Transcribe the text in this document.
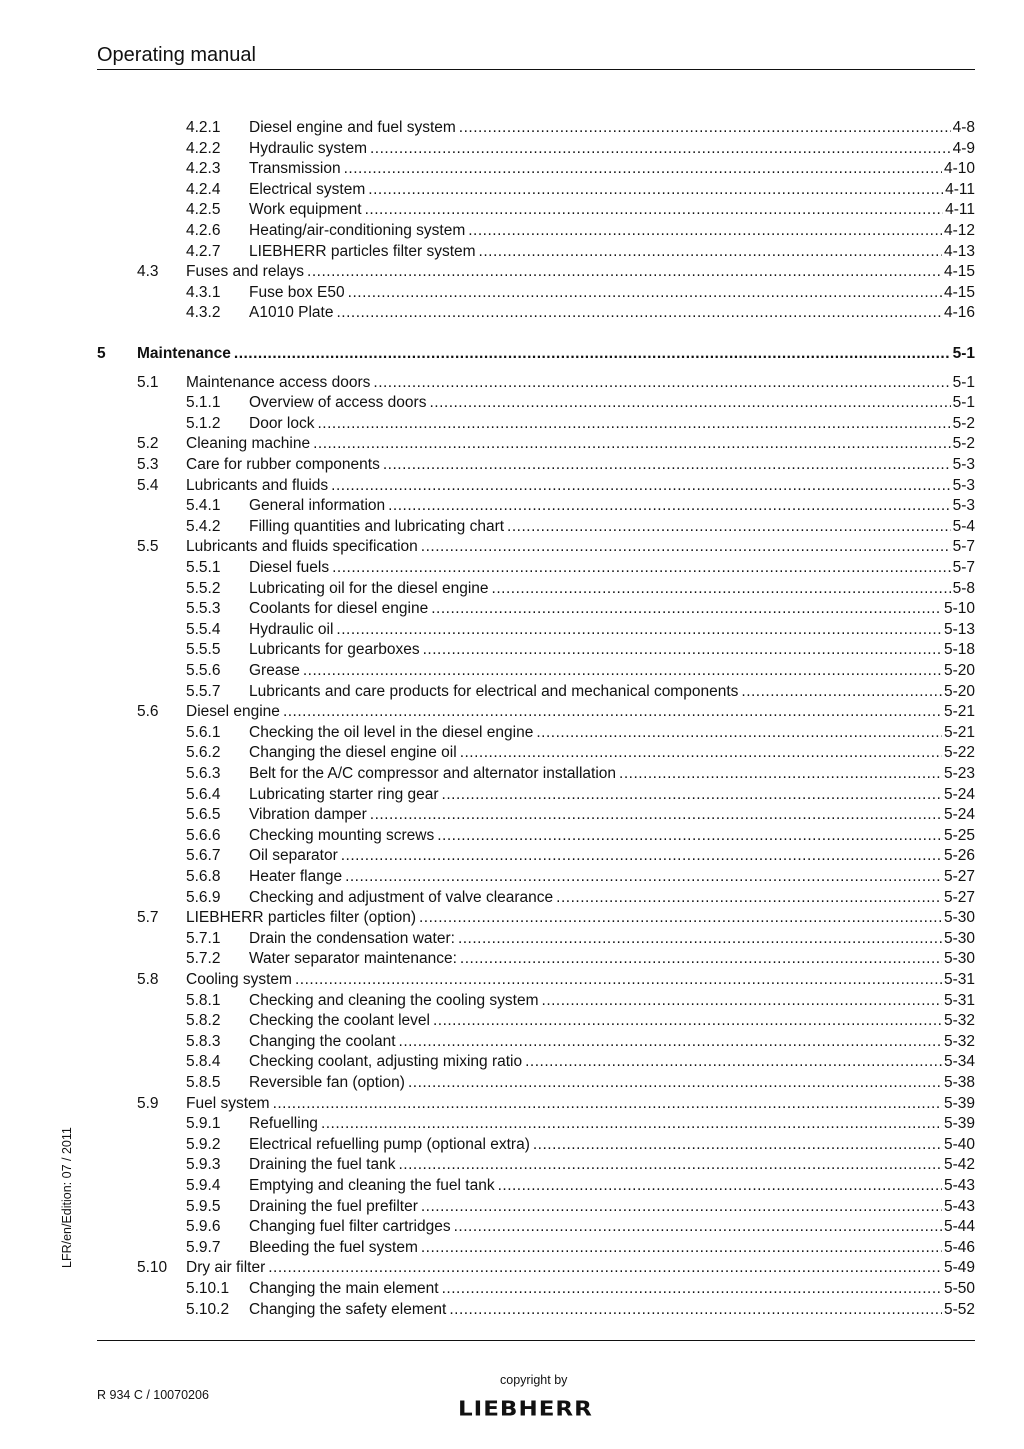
Operating manual
4.2.1 Diesel engine and fuel system .....	4-8
4.2.2 Hydraulic system .....	4-9
4.2.3 Transmission .....	4-10
4.2.4 Electrical system .....	4-11
4.2.5 Work equipment .....	4-11
4.2.6 Heating/air-conditioning system .....	4-12
4.2.7 LIEBHERR particles filter system .....	4-13
4.3 Fuses and relays .....	4-15
4.3.1 Fuse box E50 .....	4-15
4.3.2 A1010 Plate .....	4-16
5 Maintenance .....	5-1
5.1 Maintenance access doors .....	5-1
5.1.1 Overview of access doors .....	5-1
5.1.2 Door lock .....	5-2
5.2 Cleaning machine .....	5-2
5.3 Care for rubber components .....	5-3
5.4 Lubricants and fluids .....	5-3
5.4.1 General information .....	5-3
5.4.2 Filling quantities and lubricating chart .....	5-4
5.5 Lubricants and fluids specification .....	5-7
5.5.1 Diesel fuels .....	5-7
5.5.2 Lubricating oil for the diesel engine .....	5-8
5.5.3 Coolants for diesel engine .....	5-10
5.5.4 Hydraulic oil .....	5-13
5.5.5 Lubricants for gearboxes .....	5-18
5.5.6 Grease .....	5-20
5.5.7 Lubricants and care products for electrical and mechanical components .....	5-20
5.6 Diesel engine .....	5-21
5.6.1 Checking the oil level in the diesel engine .....	5-21
5.6.2 Changing the diesel engine oil .....	5-22
5.6.3 Belt for the A/C compressor and alternator installation .....	5-23
5.6.4 Lubricating starter ring gear .....	5-24
5.6.5 Vibration damper .....	5-24
5.6.6 Checking mounting screws .....	5-25
5.6.7 Oil separator .....	5-26
5.6.8 Heater flange .....	5-27
5.6.9 Checking and adjustment of valve clearance .....	5-27
5.7 LIEBHERR particles filter (option) .....	5-30
5.7.1 Drain the condensation water: .....	5-30
5.7.2 Water separator maintenance: .....	5-30
5.8 Cooling system .....	5-31
5.8.1 Checking and cleaning the cooling system .....	5-31
5.8.2 Checking the coolant level .....	5-32
5.8.3 Changing the coolant .....	5-32
5.8.4 Checking coolant, adjusting mixing ratio .....	5-34
5.8.5 Reversible fan (option) .....	5-38
5.9 Fuel system .....	5-39
5.9.1 Refuelling .....	5-39
5.9.2 Electrical refuelling pump (optional extra) .....	5-40
5.9.3 Draining the fuel tank .....	5-42
5.9.4 Emptying and cleaning the fuel tank .....	5-43
5.9.5 Draining the fuel prefilter .....	5-43
5.9.6 Changing fuel filter cartridges .....	5-44
5.9.7 Bleeding the fuel system .....	5-46
5.10 Dry air filter .....	5-49
5.10.1 Changing the main element .....	5-50
5.10.2 Changing the safety element .....	5-52
LFR/en/Edition: 07 / 2011
R 934 C / 10070206
copyright by
LIEBHERR
